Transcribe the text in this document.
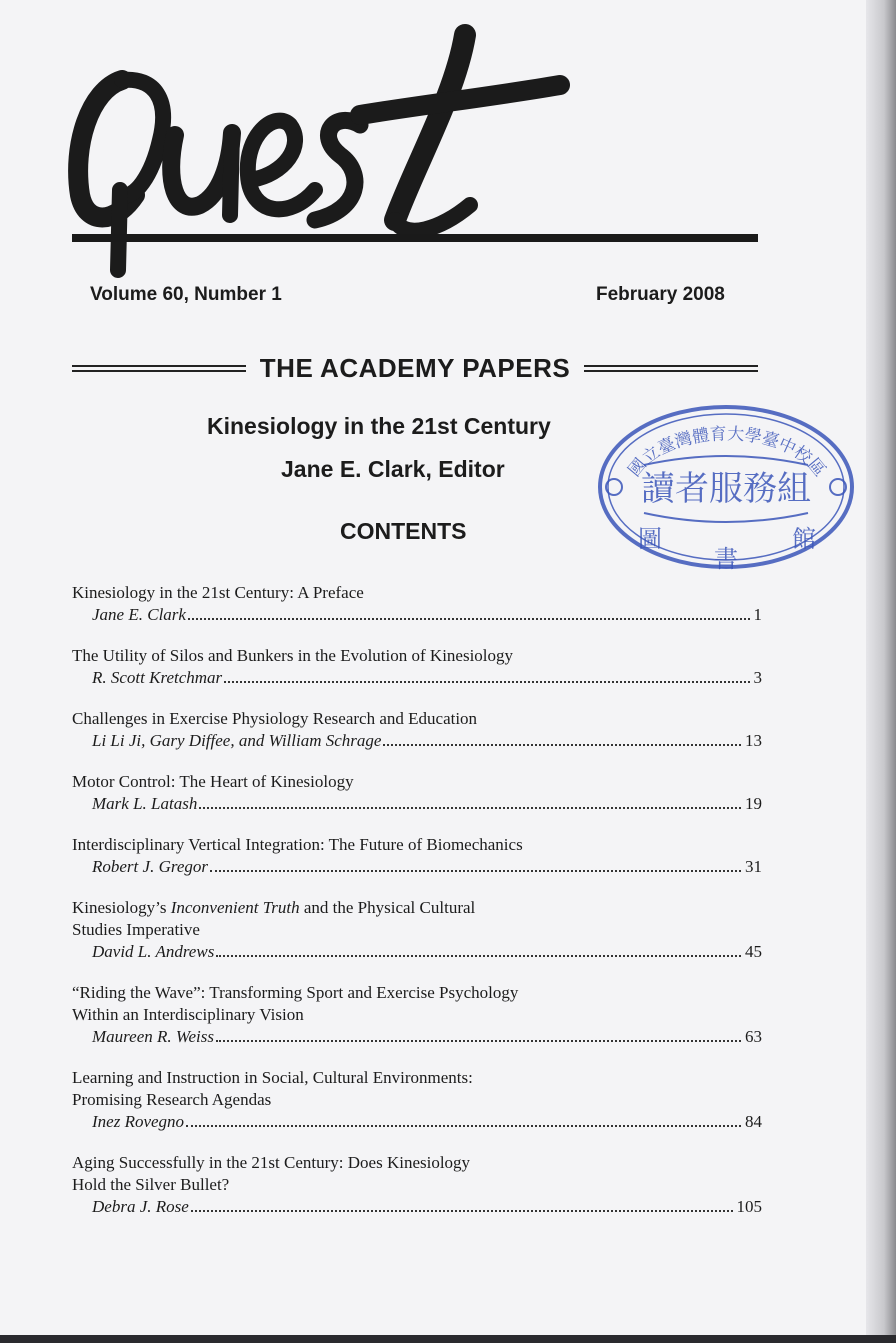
Volume 60, Number 1	February 2008
THE ACADEMY PAPERS
Kinesiology in the 21st Century
Jane E. Clark, Editor
CONTENTS
國立臺灣體育大學臺中校區
讀者服務組
圖
書
館
Kinesiology in the 21st Century: A Preface
Jane E. Clark	1
The Utility of Silos and Bunkers in the Evolution of Kinesiology
R. Scott Kretchmar	3
Challenges in Exercise Physiology Research and Education
Li Li Ji, Gary Diffee, and William Schrage	13
Motor Control: The Heart of Kinesiology
Mark L. Latash	19
Interdisciplinary Vertical Integration: The Future of Biomechanics
Robert J. Gregor	31
Kinesiology’s Inconvenient Truth and the Physical Cultural
Studies Imperative
David L. Andrews	45
“Riding the Wave”: Transforming Sport and Exercise Psychology
Within an Interdisciplinary Vision
Maureen R. Weiss	63
Learning and Instruction in Social, Cultural Environments:
Promising Research Agendas
Inez Rovegno	84
Aging Successfully in the 21st Century: Does Kinesiology
Hold the Silver Bullet?
Debra J. Rose	105
